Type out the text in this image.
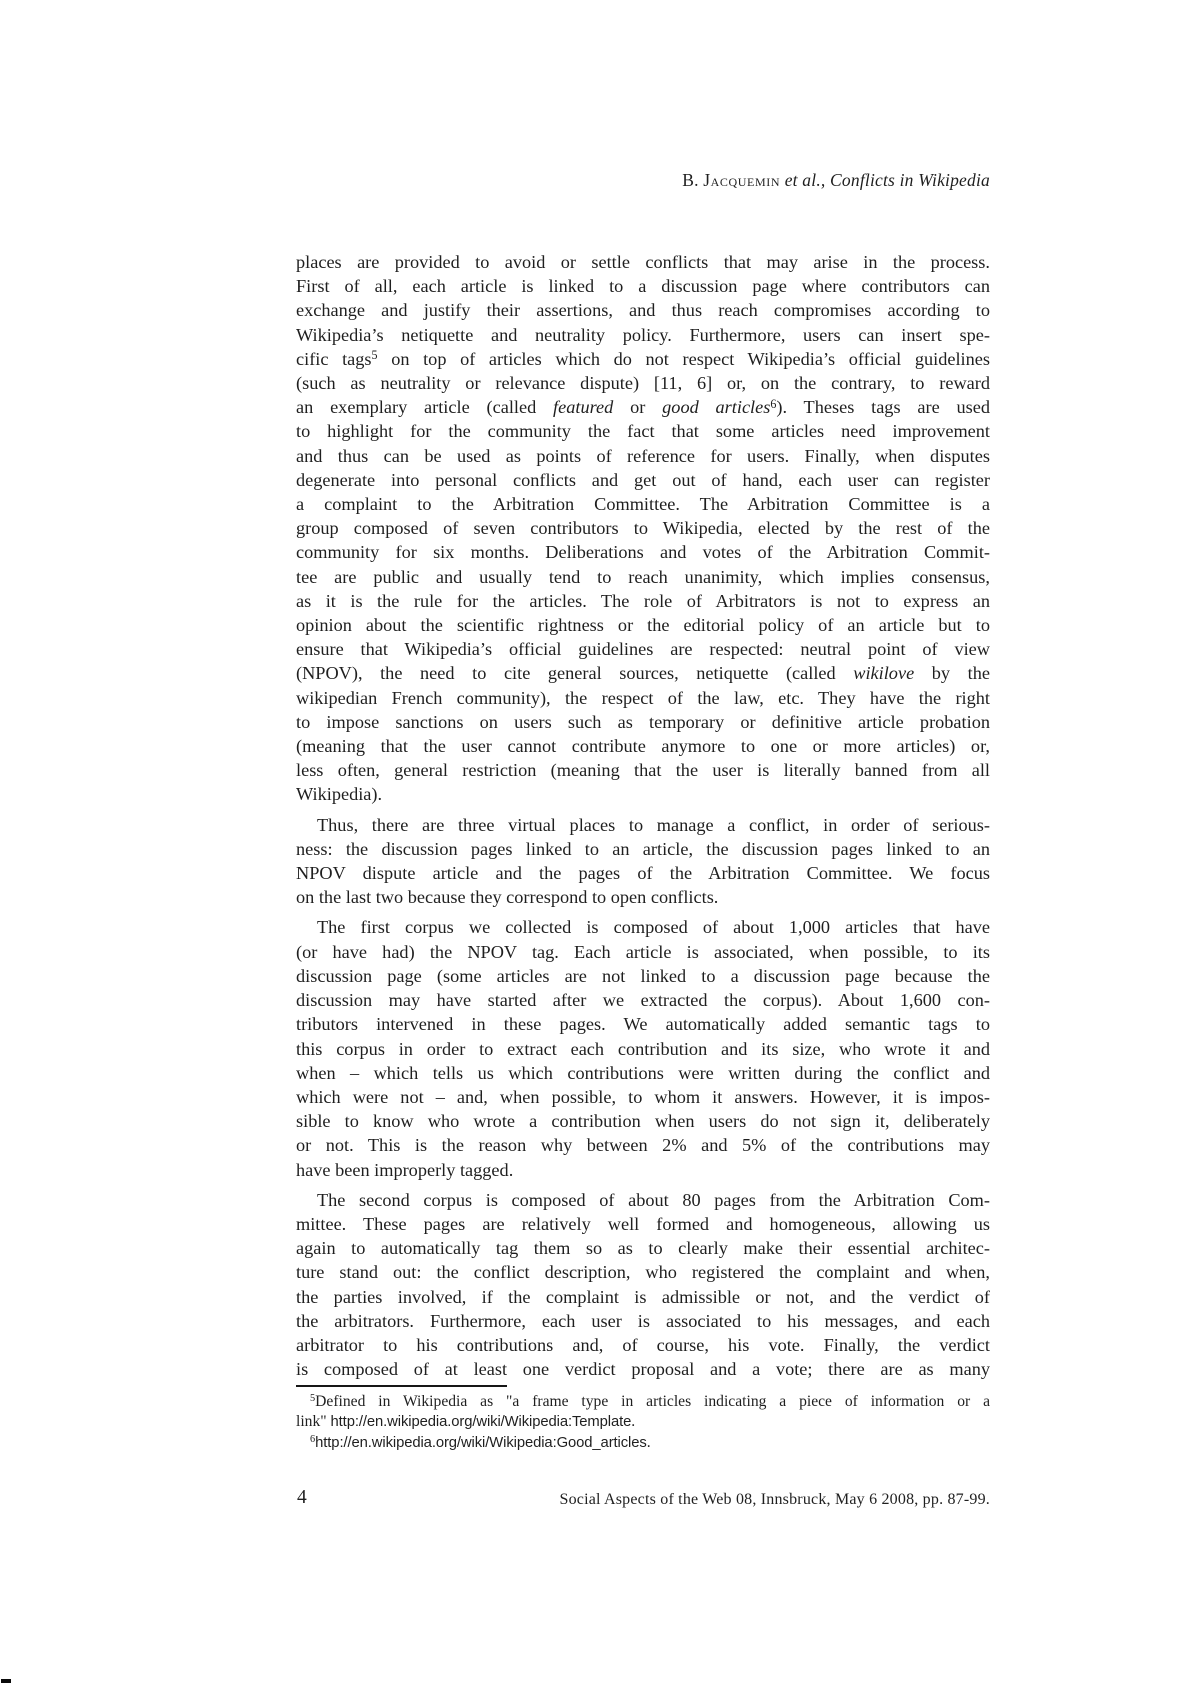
B. Jacquemin et al., Conflicts in Wikipedia
places are provided to avoid or settle conflicts that may arise in the process.
First of all, each article is linked to a discussion page where contributors can
exchange and justify their assertions, and thus reach compromises according to
Wikipedia’s netiquette and neutrality policy. Furthermore, users can insert spe-
cific tags$^5$ on top of articles which do not respect Wikipedia’s official guidelines
(such as neutrality or relevance dispute) [11, 6] or, on the contrary, to reward
an exemplary article (called featured or good articles$^6$). Theses tags are used
to highlight for the community the fact that some articles need improvement
and thus can be used as points of reference for users. Finally, when disputes
degenerate into personal conflicts and get out of hand, each user can register
a complaint to the Arbitration Committee. The Arbitration Committee is a
group composed of seven contributors to Wikipedia, elected by the rest of the
community for six months. Deliberations and votes of the Arbitration Commit-
tee are public and usually tend to reach unanimity, which implies consensus,
as it is the rule for the articles. The role of Arbitrators is not to express an
opinion about the scientific rightness or the editorial policy of an article but to
ensure that Wikipedia’s official guidelines are respected: neutral point of view
(NPOV), the need to cite general sources, netiquette (called wikilove by the
wikipedian French community), the respect of the law, etc. They have the right
to impose sanctions on users such as temporary or definitive article probation
(meaning that the user cannot contribute anymore to one or more articles) or,
less often, general restriction (meaning that the user is literally banned from all
Wikipedia).
Thus, there are three virtual places to manage a conflict, in order of serious-
ness: the discussion pages linked to an article, the discussion pages linked to an
NPOV dispute article and the pages of the Arbitration Committee. We focus
on the last two because they correspond to open conflicts.
The first corpus we collected is composed of about 1,000 articles that have
(or have had) the NPOV tag. Each article is associated, when possible, to its
discussion page (some articles are not linked to a discussion page because the
discussion may have started after we extracted the corpus). About 1,600 con-
tributors intervened in these pages. We automatically added semantic tags to
this corpus in order to extract each contribution and its size, who wrote it and
when – which tells us which contributions were written during the conflict and
which were not – and, when possible, to whom it answers. However, it is impos-
sible to know who wrote a contribution when users do not sign it, deliberately
or not. This is the reason why between 2% and 5% of the contributions may
have been improperly tagged.
The second corpus is composed of about 80 pages from the Arbitration Com-
mittee. These pages are relatively well formed and homogeneous, allowing us
again to automatically tag them so as to clearly make their essential architec-
ture stand out: the conflict description, who registered the complaint and when,
the parties involved, if the complaint is admissible or not, and the verdict of
the arbitrators. Furthermore, each user is associated to his messages, and each
arbitrator to his contributions and, of course, his vote. Finally, the verdict
is composed of at least one verdict proposal and a vote; there are as many
$^5$Defined in Wikipedia as "a frame type in articles indicating a piece of information or a
link" http://en.wikipedia.org/wiki/Wikipedia:Template.
$^6$http://en.wikipedia.org/wiki/Wikipedia:Good_articles.
4	Social Aspects of the Web 08, Innsbruck, May 6 2008, pp. 87-99.
